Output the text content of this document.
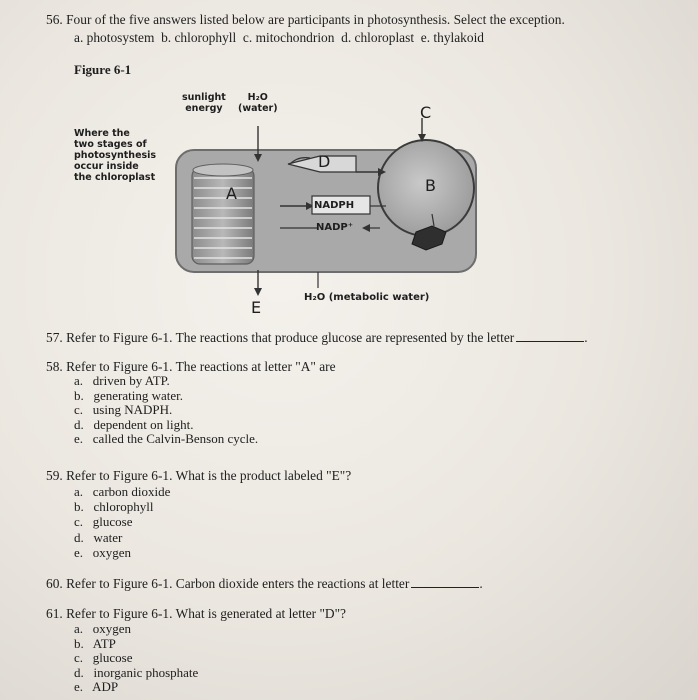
56. Four of the five answers listed below are participants in photosynthesis. Select the exception.
a. photosystem b. chlorophyll c. mitochondrion d. chloroplast e. thylakoid
Figure 6-1
Where the
two stages of
photosynthesis
occur inside
the chloroplast
sunlight
energy
H₂O
(water)
A
C
D
B
NADPH
NADP⁺
E
H₂O (metabolic water)
57. Refer to Figure 6-1. The reactions that produce glucose are represented by the letter	.
58. Refer to Figure 6-1. The reactions at letter "A" are
a. driven by ATP.
b. generating water.
c. using NADPH.
d. dependent on light.
e. called the Calvin-Benson cycle.
59. Refer to Figure 6-1. What is the product labeled "E"?
a. carbon dioxide
b. chlorophyll
c. glucose
d. water
e. oxygen
60. Refer to Figure 6-1. Carbon dioxide enters the reactions at letter	.
61. Refer to Figure 6-1. What is generated at letter "D"?
a. oxygen
b. ATP
c. glucose
d. inorganic phosphate
e. ADP
